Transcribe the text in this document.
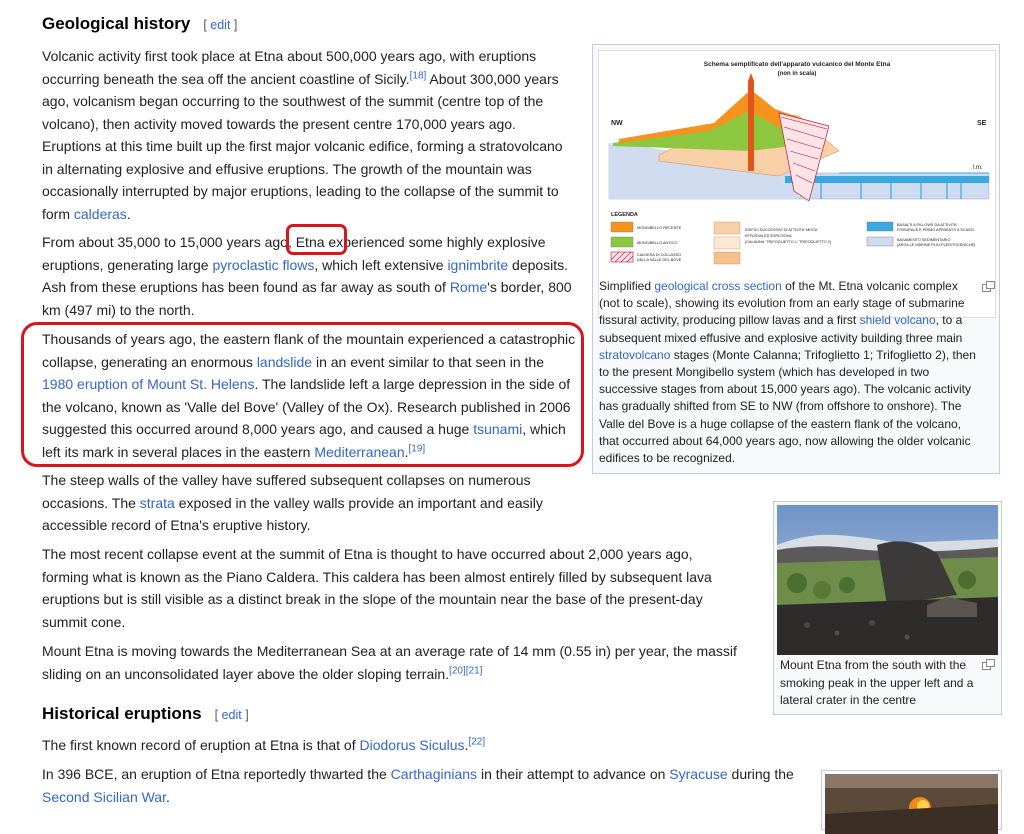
Geological history [ edit ]

Volcanic activity first took place at Etna about 500,000 years ago, with eruptions occurring beneath the sea off the ancient coastline of Sicily.[18] About 300,000 years ago, volcanism began occurring to the southwest of the summit (centre top of the volcano), then activity moved towards the present centre 170,000 years ago. Eruptions at this time built up the first major volcanic edifice, forming a stratovolcano in alternating explosive and effusive eruptions. The growth of the mountain was occasionally interrupted by major eruptions, leading to the collapse of the summit to form calderas.

From about 35,000 to 15,000 years ago, Etna experienced some highly explosive eruptions, generating large pyroclastic flows, which left extensive ignimbrite deposits. Ash from these eruptions has been found as far away as south of Rome's border, 800 km (497 mi) to the north.

Thousands of years ago, the eastern flank of the mountain experienced a catastrophic collapse, generating an enormous landslide in an event similar to that seen in the 1980 eruption of Mount St. Helens. The landslide left a large depression in the side of the volcano, known as 'Valle del Bove' (Valley of the Ox). Research published in 2006 suggested this occurred around 8,000 years ago, and caused a huge tsunami, which left its mark in several places in the eastern Mediterranean.[19]

The steep walls of the valley have suffered subsequent collapses on numerous occasions. The strata exposed in the valley walls provide an important and easily accessible record of Etna's eruptive history.

The most recent collapse event at the summit of Etna is thought to have occurred about 2,000 years ago, forming what is known as the Piano Caldera. This caldera has been almost entirely filled by subsequent lava eruptions but is still visible as a distinct break in the slope of the mountain near the base of the present-day summit cone.

Mount Etna is moving towards the Mediterranean Sea at an average rate of 14 mm (0.55 in) per year, the massif sliding on an unconsolidated layer above the older sloping terrain.[20][21]

Historical eruptions [ edit ]

The first known record of eruption at Etna is that of Diodorus Siculus.[22]

In 396 BCE, an eruption of Etna reportedly thwarted the Carthaginians in their attempt to advance on Syracuse during the Second Sicilian War.

Schema semplificato dell'apparato vulcanico del Monte Etna
(non in scala)
NW	SE
l.m.
LEGENDA
MONGIBELLO RECENTE
MONGIBELLO ANTICO
CALDERA DI COLLASSO
DELLA VALLE DEL BOVE
EDIFICI SUCCESSIVI DI ATTIVITA' MISTA
EFFUSIVA ED ESPLOSIVA
(CALANNA, TRIFOGLIETTO 1, TRIFOGLIETTO 2)
BASALTI A PILLOWS DA ATTIVITA'
FISSURALE E PRIMO APPARATO A SCUDO
BASAMENTO SEDIMENTARIO
(ARGILLE MARINE PLIO-PLEISTOCENICHE)

Simplified geological cross section of the Mt. Etna volcanic complex (not to scale), showing its evolution from an early stage of submarine fissural activity, producing pillow lavas and a first shield volcano, to a subsequent mixed effusive and explosive activity building three main stratovolcano stages (Monte Calanna; Trifoglietto 1; Trifoglietto 2), then to the present Mongibello system (which has developed in two successive stages from about 15,000 years ago). The volcanic activity has gradually shifted from SE to NW (from offshore to onshore). The Valle del Bove is a huge collapse of the eastern flank of the volcano, that occurred about 64,000 years ago, now allowing the older volcanic edifices to be recognized.

Mount Etna from the south with the smoking peak in the upper left and a lateral crater in the centre
